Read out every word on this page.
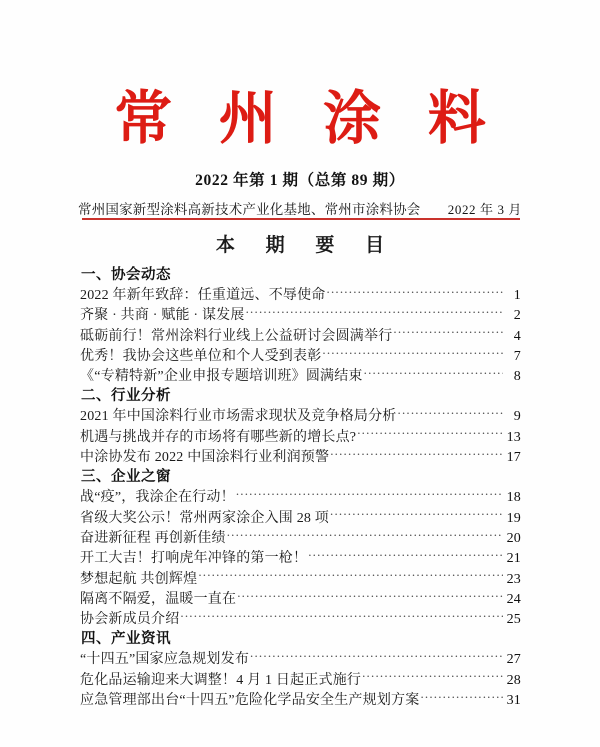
常 州 涂 料
2022 年第 1 期（总第 89 期）
常州国家新型涂料高新技术产业化基地、常州市涂料协会 2022 年 3 月
本 期 要 目
一、协会动态
2022 年新年致辞：任重道远、不辱使命 .....	1
齐聚 · 共商 · 赋能 · 谋发展 .....	2
砥砺前行！常州涂料行业线上公益研讨会圆满举行 .....	4
优秀！我协会这些单位和个人受到表彰 .....	7
《“专精特新”企业申报专题培训班》圆满结束 .....	8
二、行业分析
2021 年中国涂料行业市场需求现状及竞争格局分析 .....	9
机遇与挑战并存的市场将有哪些新的增长点? .....	13
中涂协发布 2022 中国涂料行业利润预警 .....	17
三、企业之窗
战“疫”，我涂企在行动！ .....	18
省级大奖公示！常州两家涂企入围 28 项 .....	19
奋进新征程 再创新佳绩 .....	20
开工大吉！打响虎年冲锋的第一枪！ .....	21
梦想起航 共创辉煌 .....	23
隔离不隔爱，温暖一直在 .....	24
协会新成员介绍 .....	25
四、产业资讯
“十四五”国家应急规划发布 .....	27
危化品运输迎来大调整！4 月 1 日起正式施行 .....	28
应急管理部出台“十四五”危险化学品安全生产规划方案 .....	31
